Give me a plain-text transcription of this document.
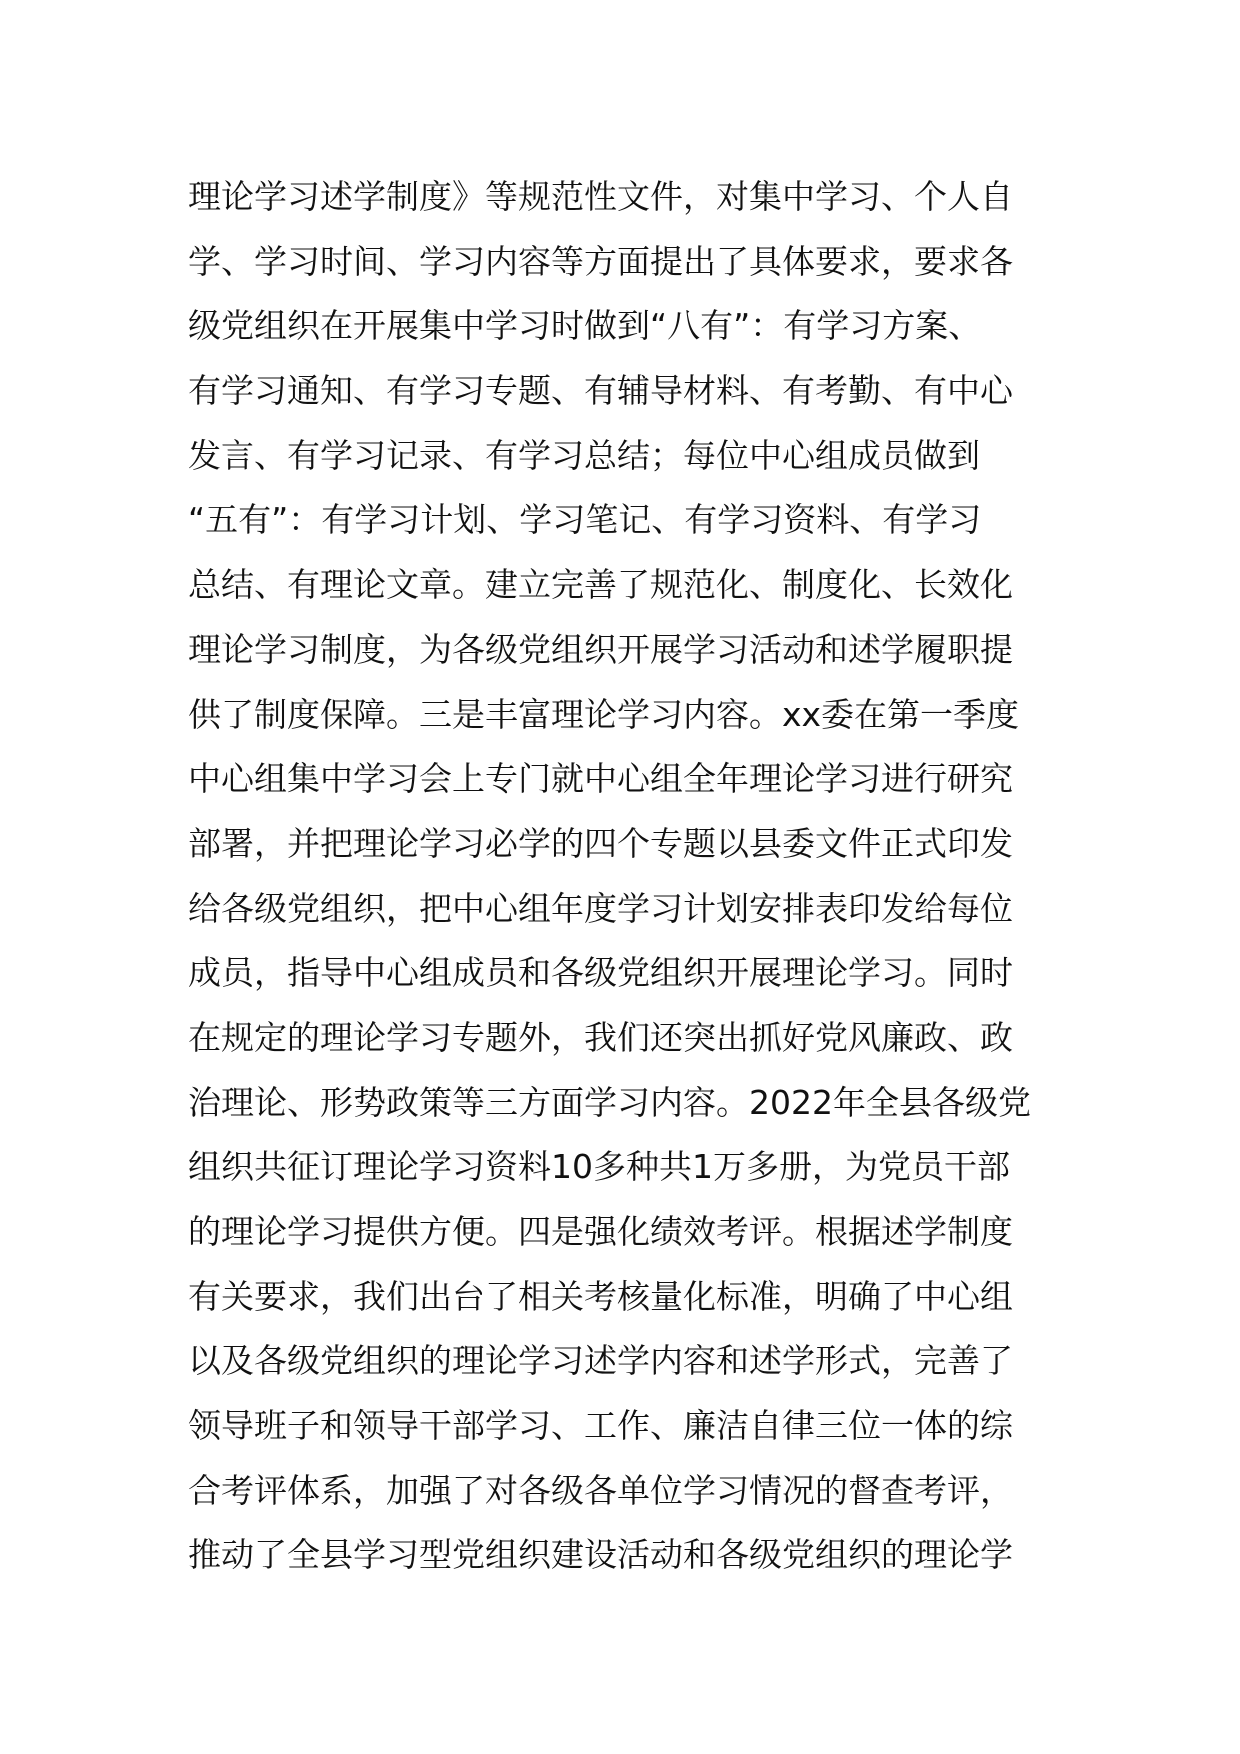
理论学习述学制度》等规范性文件，对集中学习、个人自
学、学习时间、学习内容等方面提出了具体要求，要求各
级党组织在开展集中学习时做到“八有”：有学习方案、
有学习通知、有学习专题、有辅导材料、有考勤、有中心
发言、有学习记录、有学习总结；每位中心组成员做到
“五有”：有学习计划、学习笔记、有学习资料、有学习
总结、有理论文章。建立完善了规范化、制度化、长效化
理论学习制度，为各级党组织开展学习活动和述学履职提
供了制度保障。三是丰富理论学习内容。xx委在第一季度
中心组集中学习会上专门就中心组全年理论学习进行研究
部署，并把理论学习必学的四个专题以县委文件正式印发
给各级党组织，把中心组年度学习计划安排表印发给每位
成员，指导中心组成员和各级党组织开展理论学习。同时
在规定的理论学习专题外，我们还突出抓好党风廉政、政
治理论、形势政策等三方面学习内容。2022年全县各级党
组织共征订理论学习资料10多种共1万多册，为党员干部
的理论学习提供方便。四是强化绩效考评。根据述学制度
有关要求，我们出台了相关考核量化标准，明确了中心组
以及各级党组织的理论学习述学内容和述学形式，完善了
领导班子和领导干部学习、工作、廉洁自律三位一体的综
合考评体系，加强了对各级各单位学习情况的督查考评，
推动了全县学习型党组织建设活动和各级党组织的理论学
